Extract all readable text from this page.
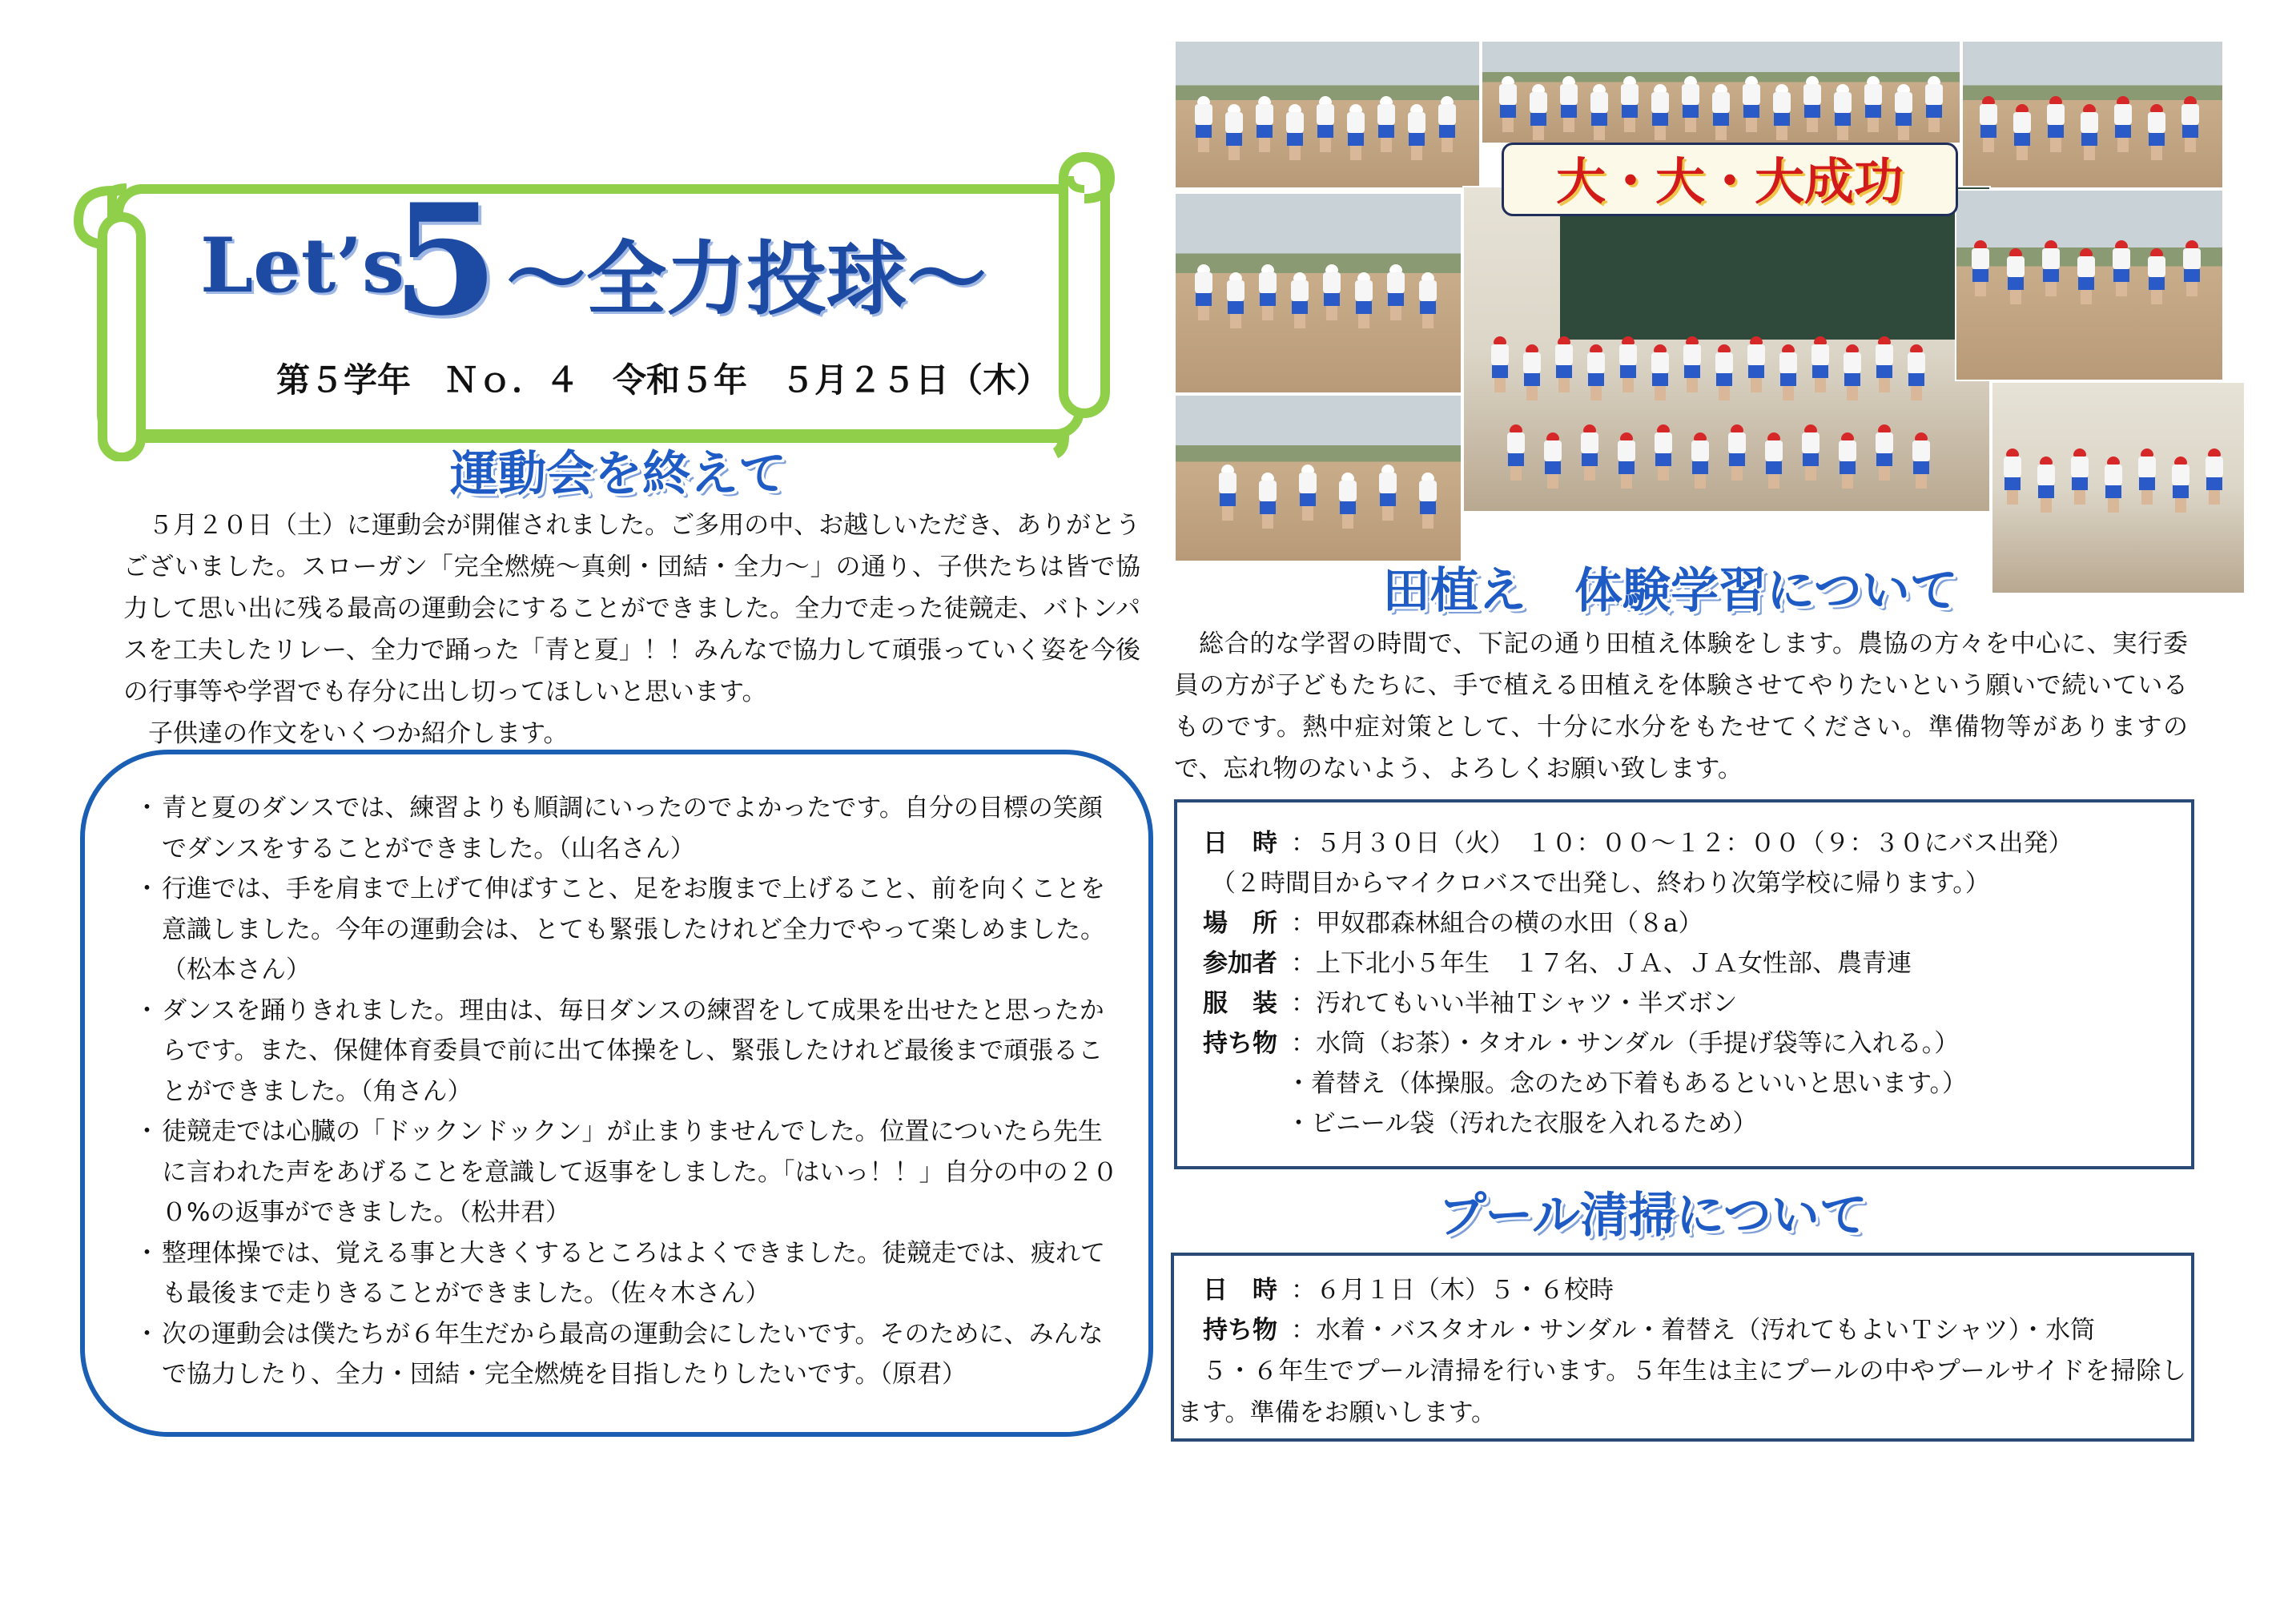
Let’s
5 ～全力投球～
第５学年　Ｎｏ．４　令和５年　５月２５日（木）
運動会を終えて

５月２０日（土）に運動会が開催されました。ご多用の中、お越しいただき、ありがとうございました。スローガン「完全燃焼～真剣・団結・全力～」の通り、子供たちは皆で協力して思い出に残る最高の運動会にすることができました。全力で走った徒競走、バトンパスを工夫したリレー、全力で踊った「青と夏」！！みんなで協力して頑張っていく姿を今後の行事等や学習でも存分に出し切ってほしいと思います。

子供達の作文をいくつか紹介します。

・ 青と夏のダンスでは、練習よりも順調にいったのでよかったです。自分の目標の笑顔でダンスをすることができました。（山名さん）
・ 行進では、手を肩まで上げて伸ばすこと、足をお腹まで上げること、前を向くことを意識しました。今年の運動会は、とても緊張したけれど全力でやって楽しめました。（松本さん）
・ ダンスを踊りきれました。理由は、毎日ダンスの練習をして成果を出せたと思ったからです。また、保健体育委員で前に出て体操をし、緊張したけれど最後まで頑張ることができました。（角さん）
・ 徒競走では心臓の「ドックンドックン」が止まりませんでした。位置についたら先生に言われた声をあげることを意識して返事をしました。「はいっ！！」自分の中の２００%の返事ができました。（松井君）
・ 整理体操では、覚える事と大きくするところはよくできました。徒競走では、疲れても最後まで走りきることができました。（佐々木さん）
・ 次の運動会は僕たちが６年生だから最高の運動会にしたいです。そのために、みんなで協力したり、全力・団結・完全燃焼を目指したりしたいです。（原君）
大・大・大成功
田植え　体験学習について

総合的な学習の時間で、下記の通り田植え体験をします。農協の方々を中心に、実行委員の方が子どもたちに、手で植える田植えを体験させてやりたいという願いで続いているものです。熱中症対策として、十分に水分をもたせてください。準備物等がありますので、忘れ物のないよう、よろしくお願い致します。

日　時 ：５月３０日（火）　１０：００～１２：００（９：３０にバス出発）
（２時間目からマイクロバスで出発し、終わり次第学校に帰ります。）
場　所 ：甲奴郡森林組合の横の水田（８a）
参加者 ：上下北小５年生　１７名、ＪＡ、ＪＡ女性部、農青連
服　装 ：汚れてもいい半袖Ｔシャツ・半ズボン
持ち物 ：水筒（お茶）・タオル・サンダル（手提げ袋等に入れる。）
・着替え（体操服。念のため下着もあるといいと思います。）
・ビニール袋（汚れた衣服を入れるため）
プール清掃について
日　時 ：６月１日（木）５・６校時
持ち物 ：水着・バスタオル・サンダル・着替え（汚れてもよいＴシャツ）・水筒

５・６年生でプール清掃を行います。５年生は主にプールの中やプールサイドを掃除します。準備をお願いします。
